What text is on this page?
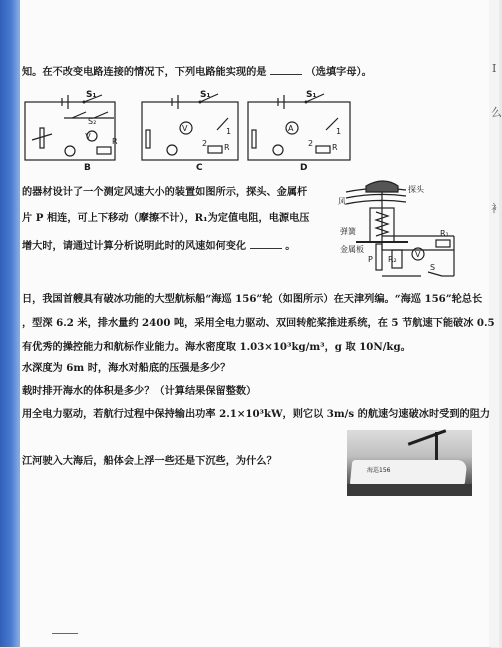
I
么
衤
知。在不改变电路连接的情况下，下列电路能实现的是	（选填字母）。
S₂
V
R
V	1
2 R
A	1
2 R
S₁	S₁	S₁
B	C	D
的器材设计了一个测定风速大小的装置如图所示，探头、金属杆
片 P 相连，可上下移动（摩擦不计），R₁为定值电阻，电源电压
增大时，请通过计算分析说明此时的风速如何变化	。
探头
风
弹簧
金属板
P R₂
V
R₁
S
日，我国首艘具有破冰功能的大型航标船“海巡 156”轮（如图所示）在天津列编。“海巡 156”轮总长
，型深 6.2 米，排水量约 2400 吨，采用全电力驱动、双回转舵桨推进系统，在 5 节航速下能破冰 0.5
有优秀的操控能力和航标作业能力。海水密度取 1.03×10³kg/m³，g 取 10N/kg。
水深度为 6m 时，海水对船底的压强是多少？
载时排开海水的体积是多少？（计算结果保留整数）
用全电力驱动，若航行过程中保持输出功率 2.1×10³kW，则它以 3m/s 的航速匀速破冰时受到的阻力
江河驶入大海后，船体会上浮一些还是下沉些，为什么？
海巡156
